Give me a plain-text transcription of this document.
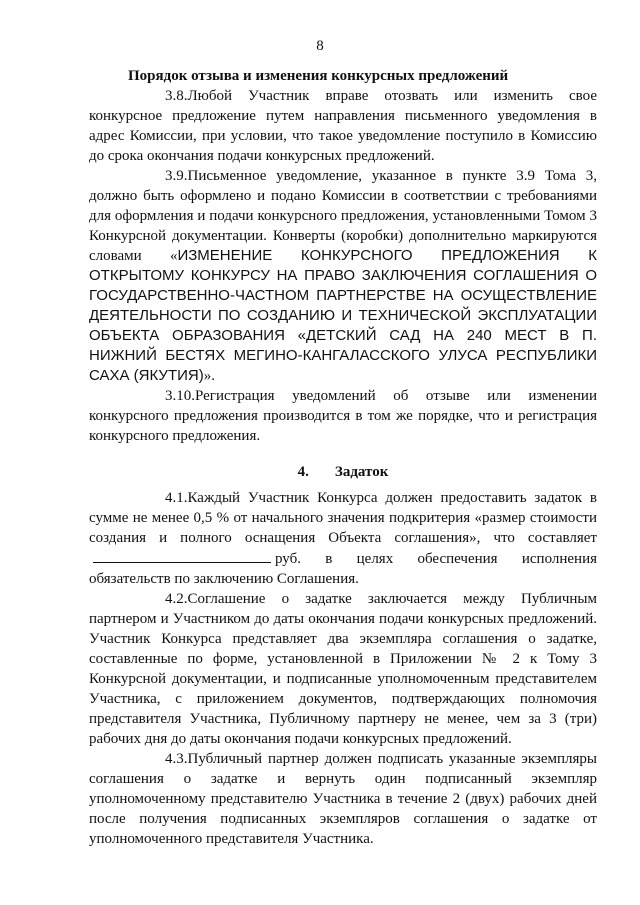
8

Порядок отзыва и изменения конкурсных предложений

3.8.Любой Участник вправе отозвать или изменить свое конкурсное предложение путем направления письменного уведомления в адрес Комиссии, при условии, что такое уведомление поступило в Комиссию до срока окончания подачи конкурсных предложений.

3.9.Письменное уведомление, указанное в пункте 3.9 Тома 3, должно быть оформлено и подано Комиссии в соответствии с требованиями для оформления и подачи конкурсного предложения, установленными Томом 3 Конкурсной документации. Конверты (коробки) дополнительно маркируются словами «ИЗМЕНЕНИЕ КОНКУРСНОГО ПРЕДЛОЖЕНИЯ К ОТКРЫТОМУ КОНКУРСУ НА ПРАВО ЗАКЛЮЧЕНИЯ СОГЛАШЕНИЯ О ГОСУДАРСТВЕННО-ЧАСТНОМ ПАРТНЕРСТВЕ НА ОСУЩЕСТВЛЕНИЕ ДЕЯТЕЛЬНОСТИ ПО СОЗДАНИЮ И ТЕХНИЧЕСКОЙ ЭКСПЛУАТАЦИИ ОБЪЕКТА ОБРАЗОВАНИЯ «ДЕТСКИЙ САД НА 240 МЕСТ В П. НИЖНИЙ БЕСТЯХ МЕГИНО-КАНГАЛАССКОГО УЛУСА РЕСПУБЛИКИ САХА (ЯКУТИЯ)».

3.10.Регистрация уведомлений об отзыве или изменении конкурсного предложения производится в том же порядке, что и регистрация конкурсного предложения.

4. Задаток

4.1.Каждый Участник Конкурса должен предоставить задаток в сумме не менее 0,5 % от начального значения подкритерия «размер стоимости создания и полного оснащения Объекта соглашения», что составляетруб. в целях обеспечения исполнения обязательств по заключению Соглашения.

4.2.Соглашение о задатке заключается между Публичным партнером и Участником до даты окончания подачи конкурсных предложений. Участник Конкурса представляет два экземпляра соглашения о задатке, составленные по форме, установленной в Приложении № 2 к Тому 3 Конкурсной документации, и подписанные уполномоченным представителем Участника, с приложением документов, подтверждающих полномочия представителя Участника, Публичному партнеру не менее, чем за 3 (три) рабочих дня до даты окончания подачи конкурсных предложений.

4.3.Публичный партнер должен подписать указанные экземпляры соглашения о задатке и вернуть один подписанный экземпляр уполномоченному представителю Участника в течение 2 (двух) рабочих дней после получения подписанных экземпляров соглашения о задатке от уполномоченного представителя Участника.
